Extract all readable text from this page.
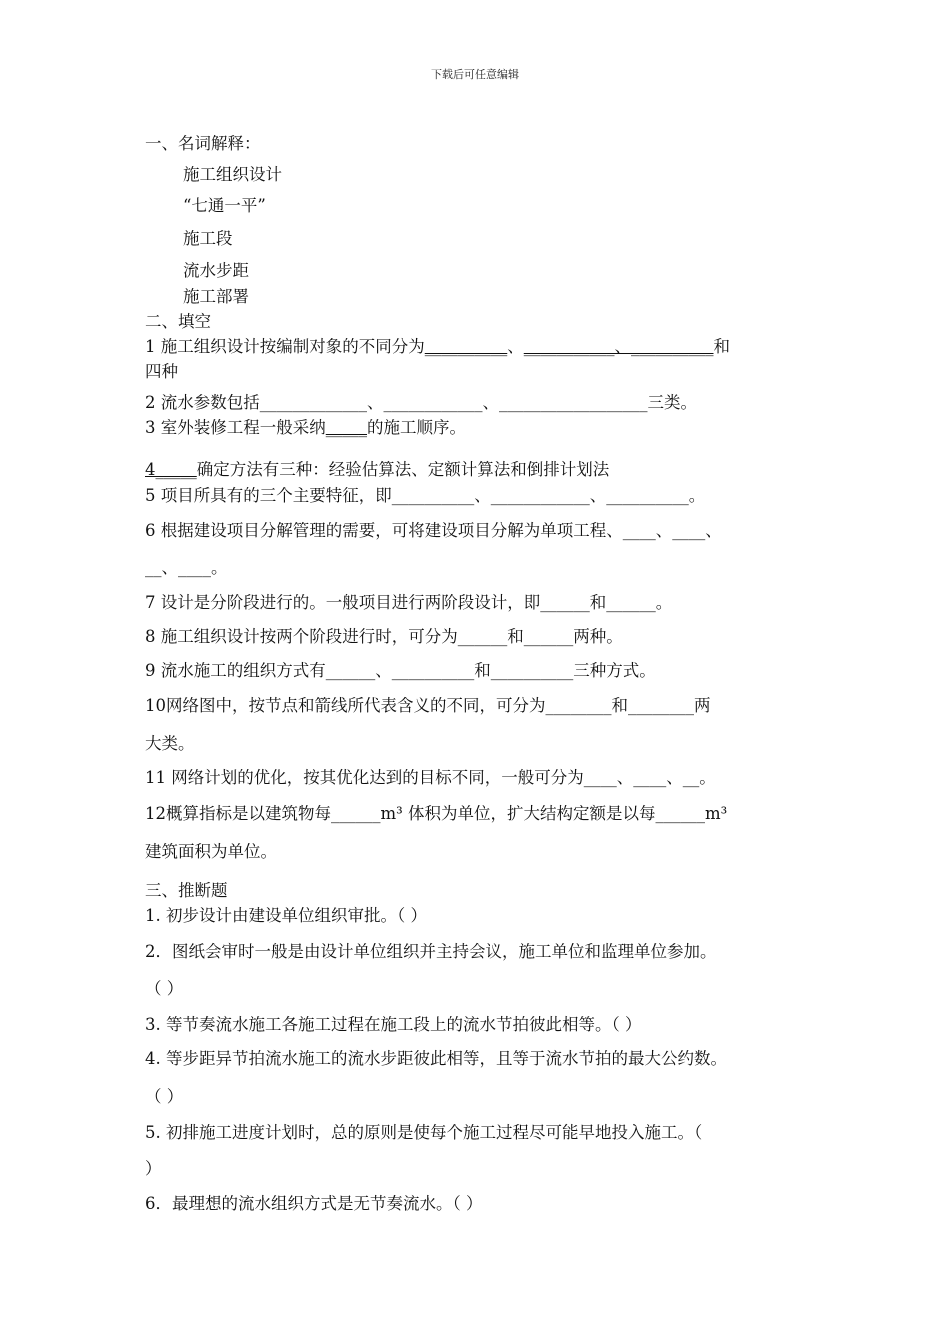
下载后可任意编辑
一、名词解释：
施工组织设计
“七通一平”
施工段
流水步距
施工部署
二、填空
1 施工组织设计按编制对象的不同分为__________、___________、__________和
四种
2 流水参数包括_____________、____________、__________________三类。
3 室外装修工程一般采纳_____的施工顺序。
4_____确定方法有三种：经验估算法、定额计算法和倒排计划法
5 项目所具有的三个主要特征，即__________、____________、__________。
6 根据建设项目分解管理的需要，可将建设项目分解为单项工程、____、____、
__、____。
7 设计是分阶段进行的。一般项目进行两阶段设计，即______和______。
8 施工组织设计按两个阶段进行时，可分为______和______两种。
9 流水施工的组织方式有______、__________和__________三种方式。
10网络图中，按节点和箭线所代表含义的不同，可分为________和________两
大类。
11 网络计划的优化，按其优化达到的目标不同，一般可分为____、____、__。
12概算指标是以建筑物每______m³ 体积为单位，扩大结构定额是以每______m³
建筑面积为单位。
三、推断题
1. 初步设计由建设单位组织审批。（ ）
2．图纸会审时一般是由设计单位组织并主持会议，施工单位和监理单位参加。
（ ）
3. 等节奏流水施工各施工过程在施工段上的流水节拍彼此相等。（ ）
4. 等步距异节拍流水施工的流水步距彼此相等，且等于流水节拍的最大公约数。
（ ）
5. 初排施工进度计划时，总的原则是使每个施工过程尽可能早地投入施工。（
）
6．最理想的流水组织方式是无节奏流水。（ ）
